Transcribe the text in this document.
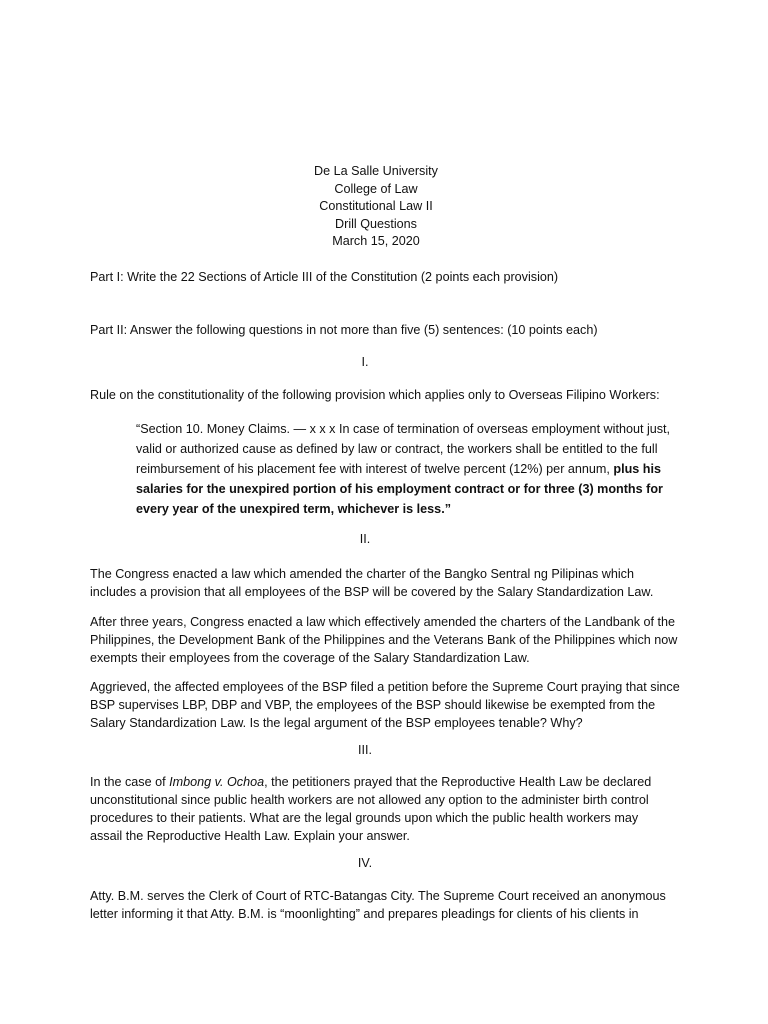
De La Salle University
College of Law
Constitutional Law II
Drill Questions
March 15, 2020
Part I: Write the 22 Sections of Article III of the Constitution (2 points each provision)
Part II: Answer the following questions in not more than five (5) sentences: (10 points each)
I.
Rule on the constitutionality of the following provision which applies only to Overseas Filipino Workers:
“Section 10. Money Claims. — x x x In case of termination of overseas employment without just, valid or authorized cause as defined by law or contract, the workers shall be entitled to the full reimbursement of his placement fee with interest of twelve percent (12%) per annum, plus his salaries for the unexpired portion of his employment contract or for three (3) months for every year of the unexpired term, whichever is less.”
II.
The Congress enacted a law which amended the charter of the Bangko Sentral ng Pilipinas which includes a provision that all employees of the BSP will be covered by the Salary Standardization Law.
After three years, Congress enacted a law which effectively amended the charters of the Landbank of the Philippines, the Development Bank of the Philippines and the Veterans Bank of the Philippines which now exempts their employees from the coverage of the Salary Standardization Law.
Aggrieved, the affected employees of the BSP filed a petition before the Supreme Court praying that since BSP supervises LBP, DBP and VBP, the employees of the BSP should likewise be exempted from the Salary Standardization Law. Is the legal argument of the BSP employees tenable? Why?
III.
In the case of Imbong v. Ochoa, the petitioners prayed that the Reproductive Health Law be declared unconstitutional since public health workers are not allowed any option to the administer birth control procedures to their patients. What are the legal grounds upon which the public health workers may assail the Reproductive Health Law. Explain your answer.
IV.
Atty. B.M. serves the Clerk of Court of RTC-Batangas City. The Supreme Court received an anonymous letter informing it that Atty. B.M. is “moonlighting” and prepares pleadings for clients of his clients in
